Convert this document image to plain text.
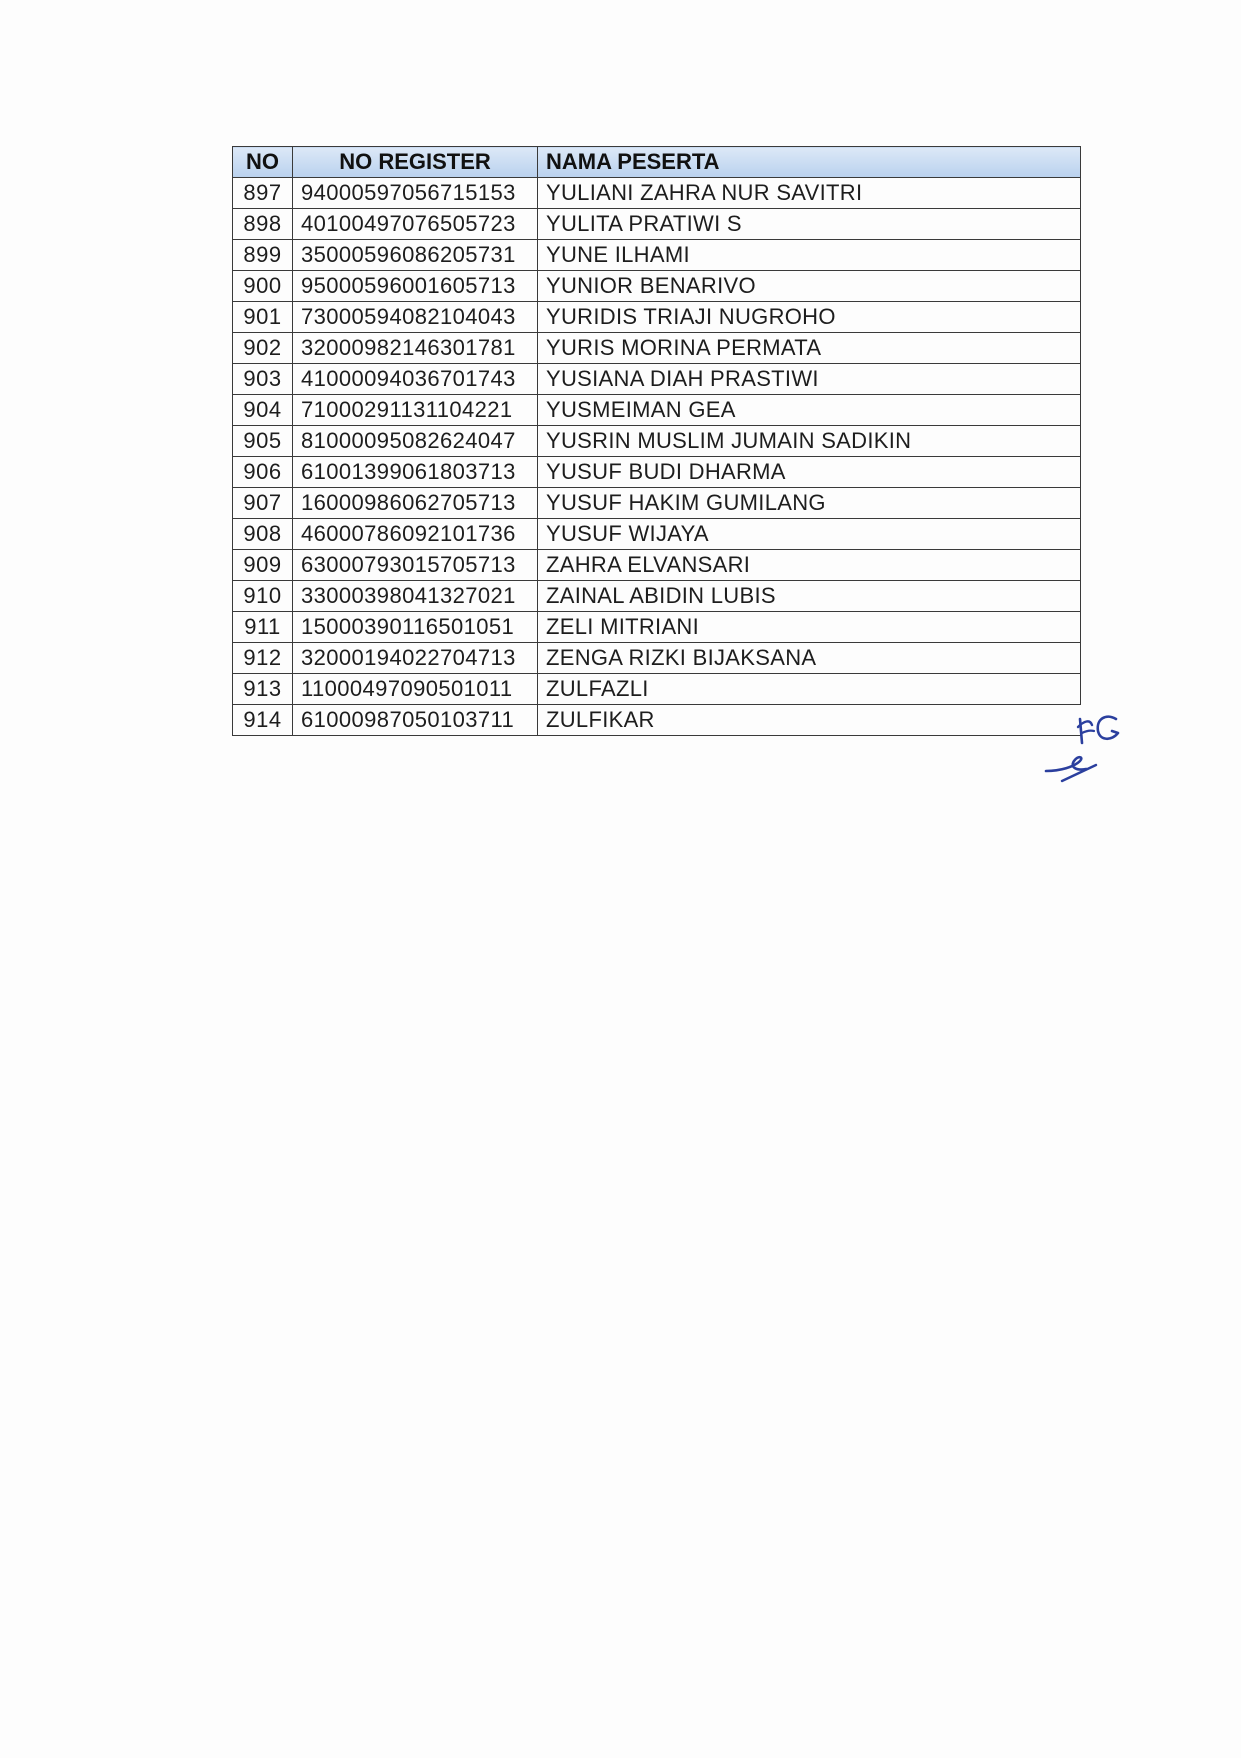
NO	NO REGISTER	NAMA PESERTA
897	94000597056715153	YULIANI ZAHRA NUR SAVITRI
898	40100497076505723	YULITA PRATIWI S
899	35000596086205731	YUNE ILHAMI
900	95000596001605713	YUNIOR BENARIVO
901	73000594082104043	YURIDIS TRIAJI NUGROHO
902	32000982146301781	YURIS MORINA PERMATA
903	41000094036701743	YUSIANA DIAH PRASTIWI
904	71000291131104221	YUSMEIMAN GEA
905	81000095082624047	YUSRIN MUSLIM JUMAIN SADIKIN
906	61001399061803713	YUSUF BUDI DHARMA
907	16000986062705713	YUSUF HAKIM GUMILANG
908	46000786092101736	YUSUF WIJAYA
909	63000793015705713	ZAHRA ELVANSARI
910	33000398041327021	ZAINAL ABIDIN LUBIS
911	15000390116501051	ZELI MITRIANI
912	32000194022704713	ZENGA RIZKI BIJAKSANA
913	11000497090501011	ZULFAZLI
914	61000987050103711	ZULFIKAR
